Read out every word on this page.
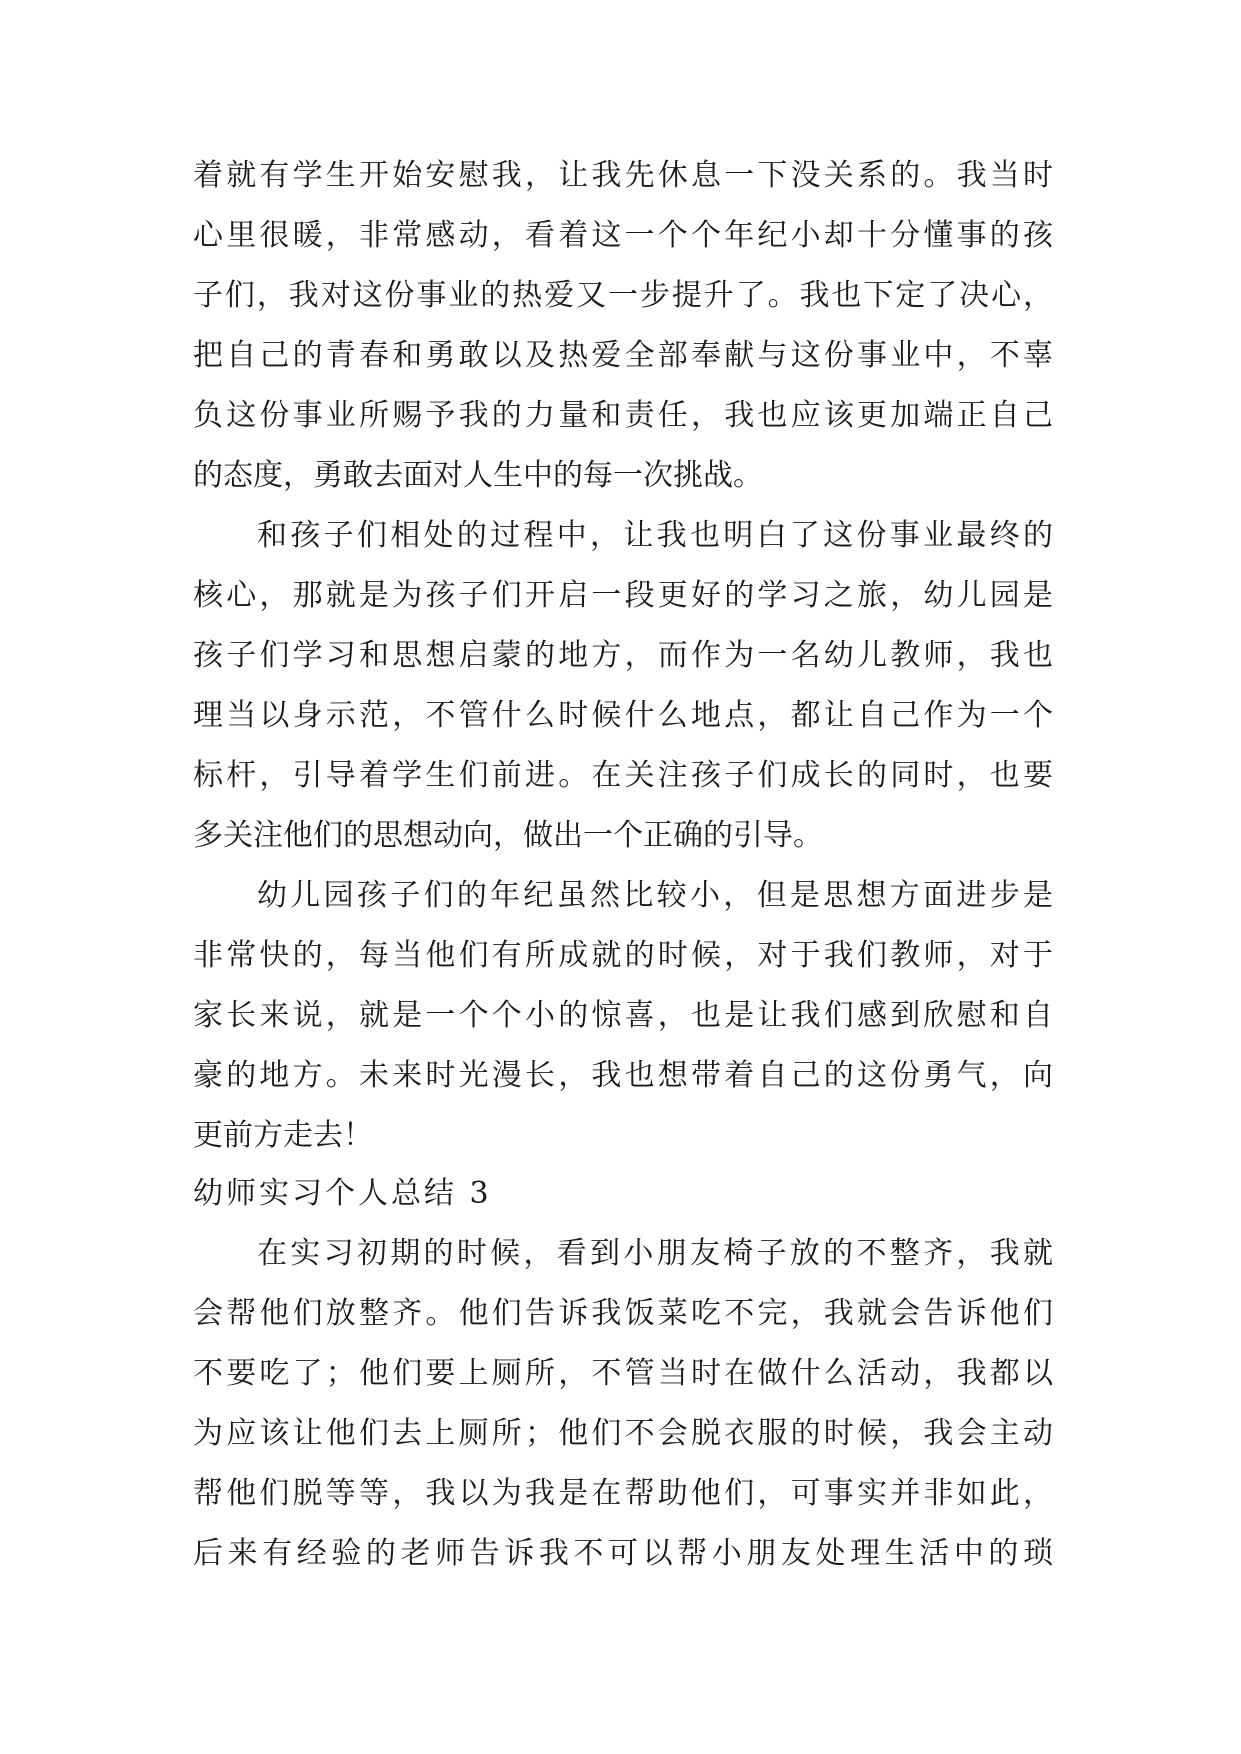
着就有学生开始安慰我，让我先休息一下没关系的。我当时
心里很暖，非常感动，看着这一个个年纪小却十分懂事的孩
子们，我对这份事业的热爱又一步提升了。我也下定了决心，
把自己的青春和勇敢以及热爱全部奉献与这份事业中，不辜
负这份事业所赐予我的力量和责任，我也应该更加端正自己
的态度，勇敢去面对人生中的每一次挑战。
和孩子们相处的过程中，让我也明白了这份事业最终的
核心，那就是为孩子们开启一段更好的学习之旅，幼儿园是
孩子们学习和思想启蒙的地方，而作为一名幼儿教师，我也
理当以身示范，不管什么时候什么地点，都让自己作为一个
标杆，引导着学生们前进。在关注孩子们成长的同时，也要
多关注他们的思想动向，做出一个正确的引导。
幼儿园孩子们的年纪虽然比较小，但是思想方面进步是
非常快的，每当他们有所成就的时候，对于我们教师，对于
家长来说，就是一个个小的惊喜，也是让我们感到欣慰和自
豪的地方。未来时光漫长，我也想带着自己的这份勇气，向
更前方走去！
幼师实习个人总结 3
在实习初期的时候，看到小朋友椅子放的不整齐，我就
会帮他们放整齐。他们告诉我饭菜吃不完，我就会告诉他们
不要吃了；他们要上厕所，不管当时在做什么活动，我都以
为应该让他们去上厕所；他们不会脱衣服的时候，我会主动
帮他们脱等等，我以为我是在帮助他们，可事实并非如此，
后来有经验的老师告诉我不可以帮小朋友处理生活中的琐
